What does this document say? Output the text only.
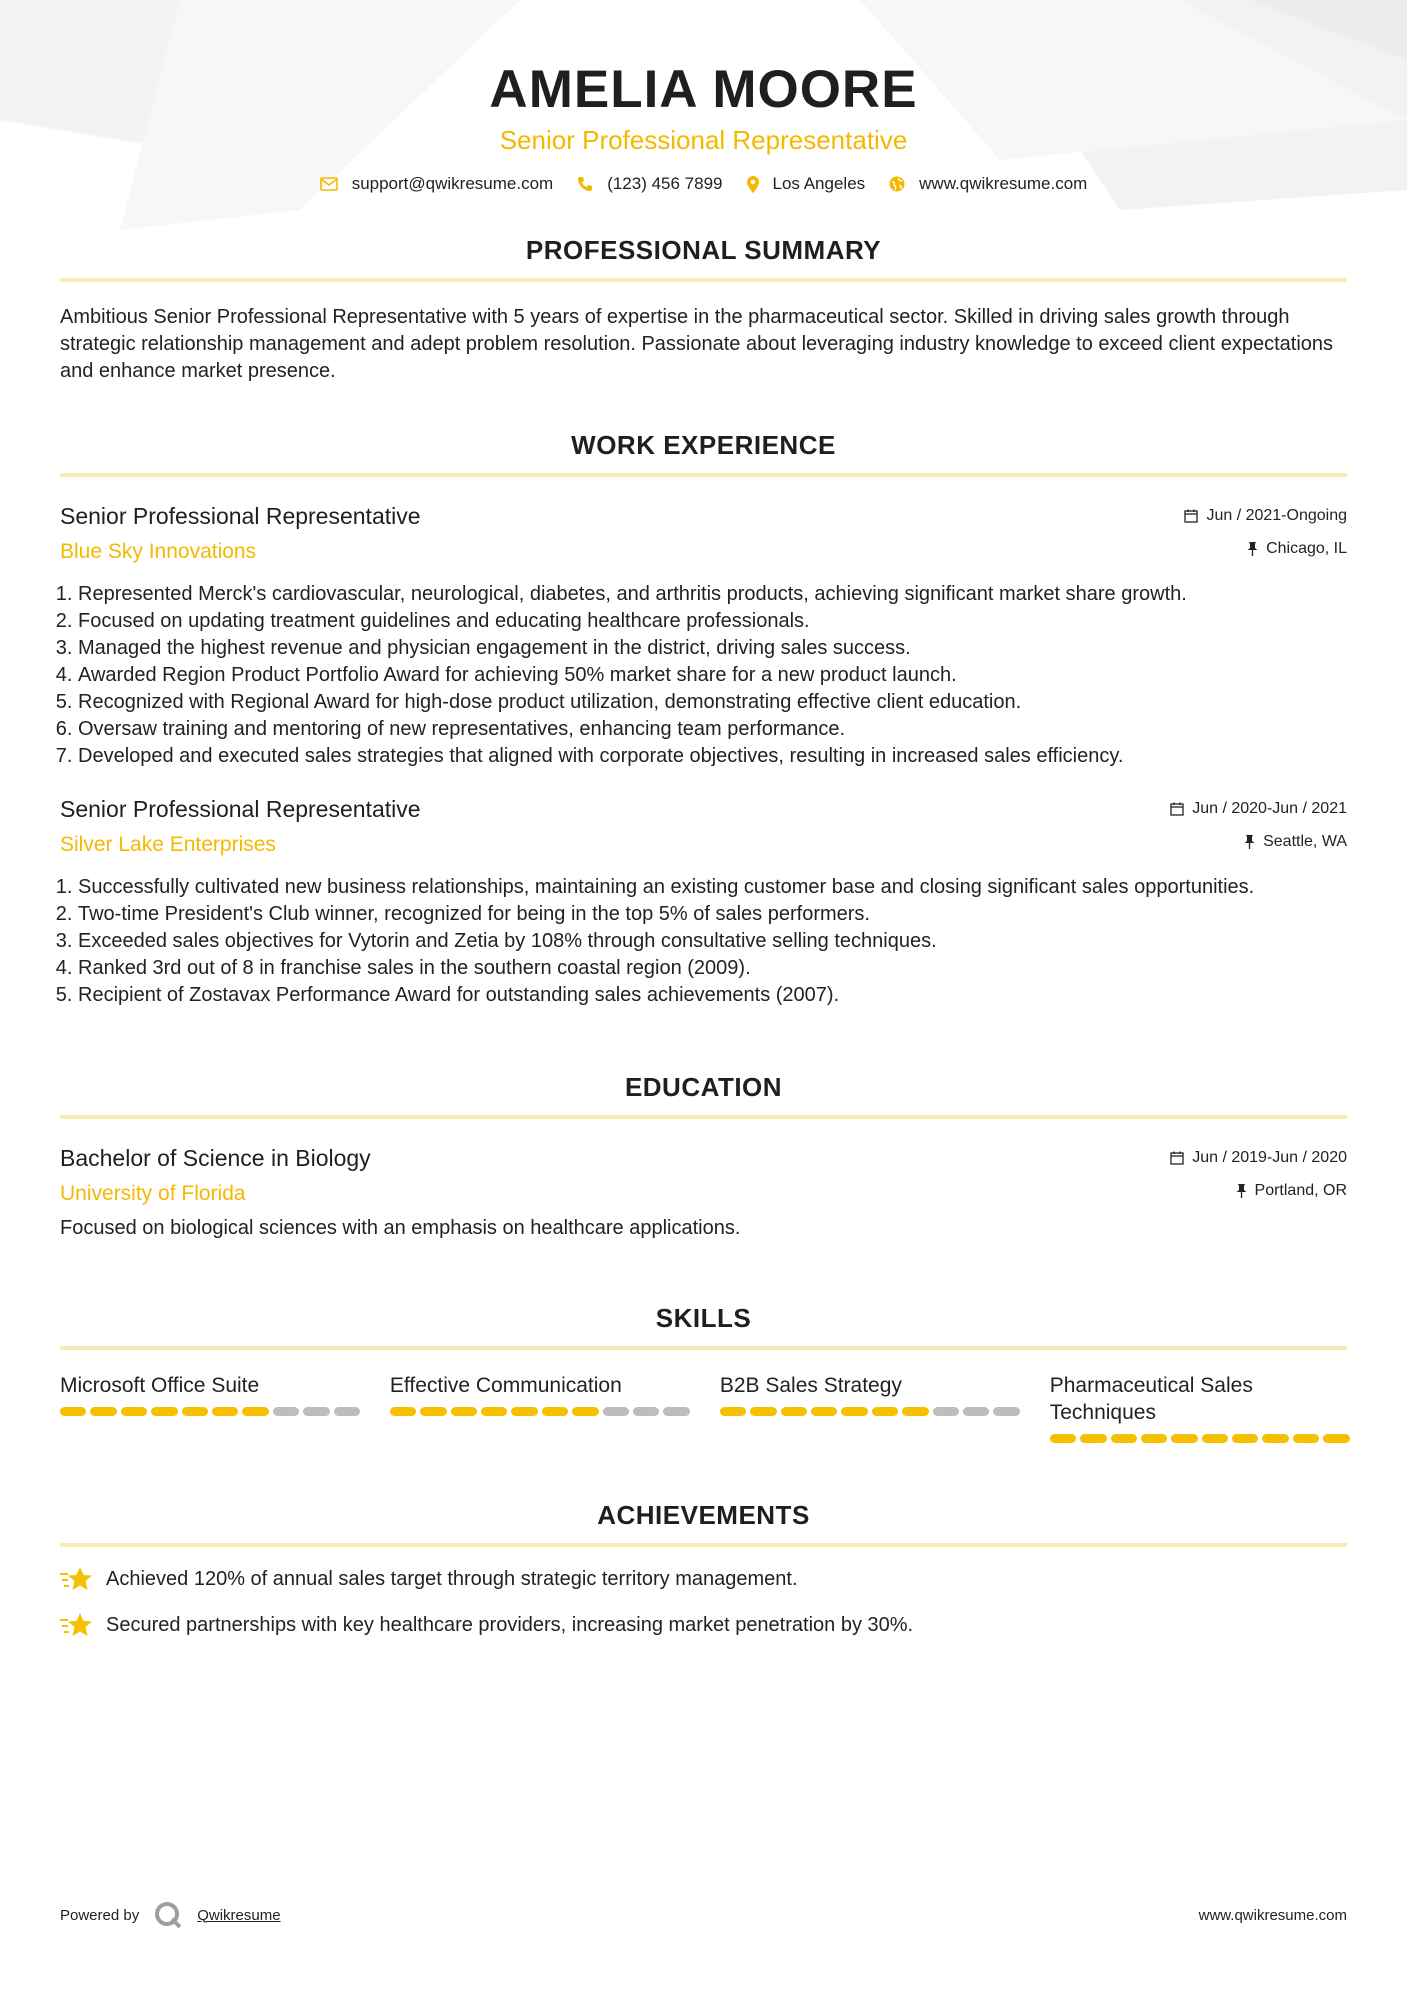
AMELIA MOORE
Senior Professional Representative
support@qwikresume.com	(123) 456 7899	Los Angeles	www.qwikresume.com
PROFESSIONAL SUMMARY
Ambitious Senior Professional Representative with 5 years of expertise in the pharmaceutical sector. Skilled in driving sales growth through strategic relationship management and adept problem resolution. Passionate about leveraging industry knowledge to exceed client expectations and enhance market presence.
WORK EXPERIENCE
Senior Professional Representative	Jun / 2021-Ongoing
Blue Sky Innovations	Chicago, IL
1. Represented Merck's cardiovascular, neurological, diabetes, and arthritis products, achieving significant market share growth.
2. Focused on updating treatment guidelines and educating healthcare professionals.
3. Managed the highest revenue and physician engagement in the district, driving sales success.
4. Awarded Region Product Portfolio Award for achieving 50% market share for a new product launch.
5. Recognized with Regional Award for high-dose product utilization, demonstrating effective client education.
6. Oversaw training and mentoring of new representatives, enhancing team performance.
7. Developed and executed sales strategies that aligned with corporate objectives, resulting in increased sales efficiency.
Senior Professional Representative	Jun / 2020-Jun / 2021
Silver Lake Enterprises	Seattle, WA
1. Successfully cultivated new business relationships, maintaining an existing customer base and closing significant sales opportunities.
2. Two-time President's Club winner, recognized for being in the top 5% of sales performers.
3. Exceeded sales objectives for Vytorin and Zetia by 108% through consultative selling techniques.
4. Ranked 3rd out of 8 in franchise sales in the southern coastal region (2009).
5. Recipient of Zostavax Performance Award for outstanding sales achievements (2007).
EDUCATION
Bachelor of Science in Biology	Jun / 2019-Jun / 2020
University of Florida	Portland, OR
Focused on biological sciences with an emphasis on healthcare applications.
SKILLS
Microsoft Office Suite	Effective Communication	B2B Sales Strategy	Pharmaceutical Sales Techniques
ACHIEVEMENTS
Achieved 120% of annual sales target through strategic territory management.
Secured partnerships with key healthcare providers, increasing market penetration by 30%.
Powered by	Qwikresume	www.qwikresume.com
